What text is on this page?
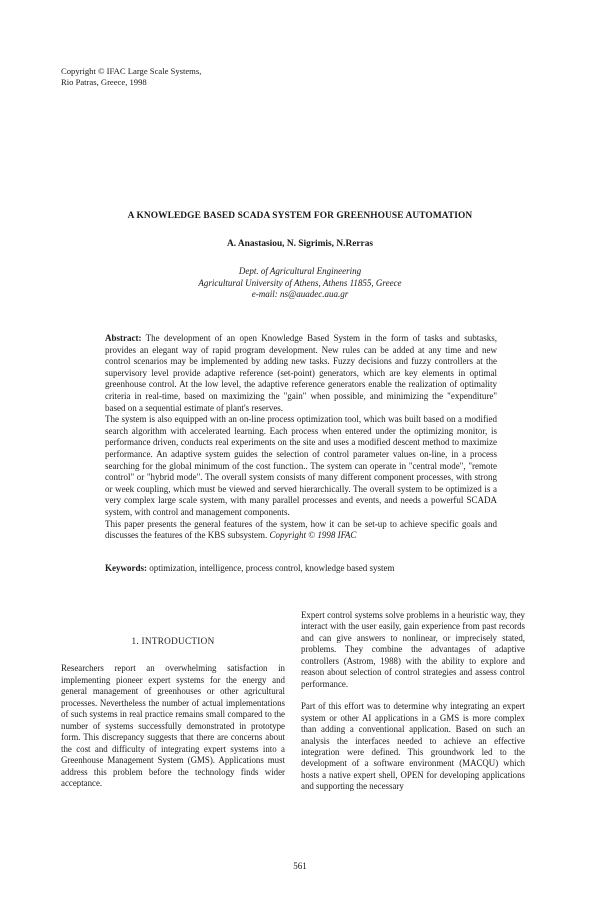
Copyright © IFAC Large Scale Systems,
Rio Patras, Greece, 1998
A KNOWLEDGE BASED SCADA SYSTEM FOR GREENHOUSE AUTOMATION
A. Anastasiou, N. Sigrimis, N.Rerras
Dept. of Agricultural Engineering
Agricultural University of Athens, Athens 11855, Greece
e-mail: ns@auadec.aua.gr

Abstract: The development of an open Knowledge Based System in the form of tasks and subtasks, provides an elegant way of rapid program development. New rules can be added at any time and new control scenarios may be implemented by adding new tasks. Fuzzy decisions and fuzzy controllers at the supervisory level provide adaptive reference (set-point) generators, which are key elements in optimal greenhouse control. At the low level, the adaptive reference generators enable the realization of optimality criteria in real-time, based on maximizing the "gain" when possible, and minimizing the "expenditure" based on a sequential estimate of plant's reserves.

The system is also equipped with an on-line process optimization tool, which was built based on a modified search algorithm with accelerated learning. Each process when entered under the optimizing monitor, is performance driven, conducts real experiments on the site and uses a modified descent method to maximize performance. An adaptive system guides the selection of control parameter values on-line, in a process searching for the global minimum of the cost function.. The system can operate in "central mode", "remote control" or "hybrid mode". The overall system consists of many different component processes, with strong or week coupling, which must be viewed and served hierarchically. The overall system to be optimized is a very complex large scale system, with many parallel processes and events, and needs a powerful SCADA system, with control and management components.

This paper presents the general features of the system, how it can be set-up to achieve specific goals and discusses the features of the KBS subsystem. Copyright © 1998 IFAC

Keywords: optimization, intelligence, process control, knowledge based system
1. INTRODUCTION

Researchers report an overwhelming satisfaction in implementing pioneer expert systems for the energy and general management of greenhouses or other agricultural processes. Nevertheless the number of actual implementations of such systems in real practice remains small compared to the number of systems successfully demonstrated in prototype form. This discrepancy suggests that there are concerns about the cost and difficulty of integrating expert systems into a Greenhouse Management System (GMS). Applications must address this problem before the technology finds wider acceptance.

Expert control systems solve problems in a heuristic way, they interact with the user easily, gain experience from past records and can give answers to nonlinear, or imprecisely stated, problems. They combine the advantages of adaptive controllers (Astrom, 1988) with the ability to explore and reason about selection of control strategies and assess control performance.

Part of this effort was to determine why integrating an expert system or other AI applications in a GMS is more complex than adding a conventional application. Based on such an analysis the interfaces needed to achieve an effective integration were defined. This groundwork led to the development of a software environment (MACQU) which hosts a native expert shell, OPEN for developing applications and supporting the necessary

561
